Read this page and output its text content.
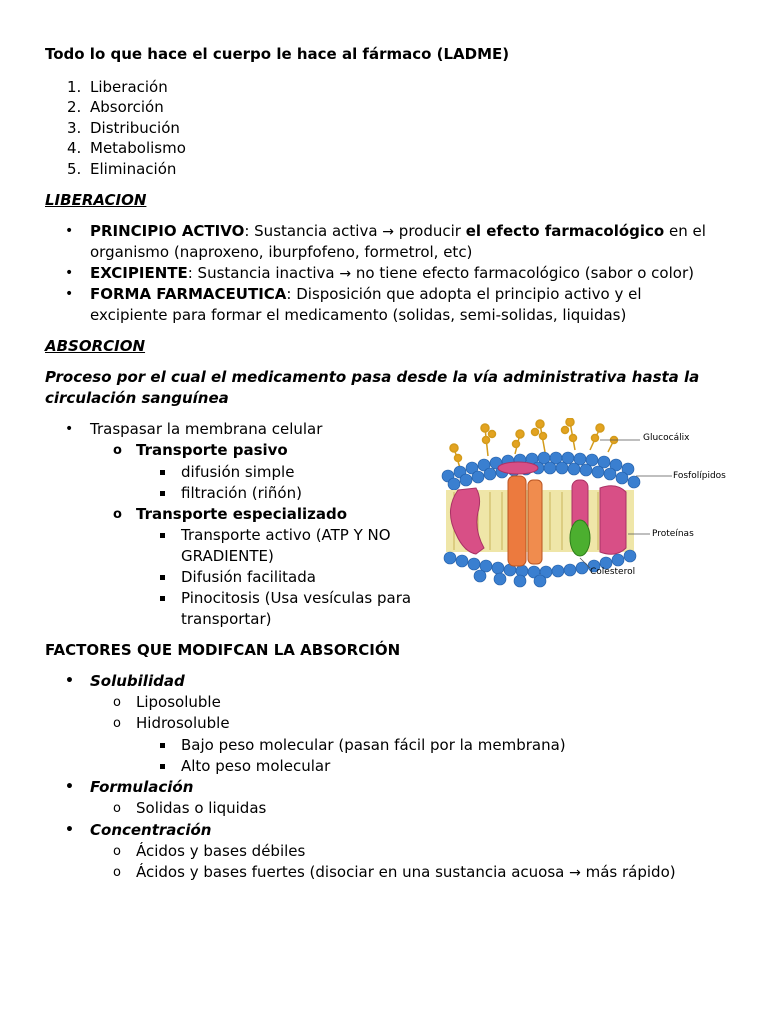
Todo lo que hace el cuerpo le hace al fármaco (LADME)
1. Liberación
2. Absorción
3. Distribución
4. Metabolismo
5. Eliminación
LIBERACION
• PRINCIPIO ACTIVO: Sustancia activa → producir el efecto farmacológico en el
organismo (naproxeno, iburpfofeno, formetrol, etc)
• EXCIPIENTE: Sustancia inactiva → no tiene efecto farmacológico (sabor o color)
• FORMA FARMACEUTICA: Disposición que adopta el principio activo y el
excipiente para formar el medicamento (solidas, semi-solidas, liquidas)
ABSORCION
Proceso por el cual el medicamento pasa desde la vía administrativa hasta la
circulación sanguínea
• Traspasar la membrana celular
o Transporte pasivo
difusión simple
filtración (riñón)
o Transporte especializado
Transporte activo (ATP Y NO
GRADIENTE)
Difusión facilitada
Pinocitosis (Usa vesículas para
transportar)
Glucocálix
Fosfolípidos
Proteínas
Colesterol
FACTORES QUE MODIFCAN LA ABSORCIÓN
• Solubilidad
o Liposoluble
o Hidrosoluble
Bajo peso molecular (pasan fácil por la membrana)
Alto peso molecular
• Formulación
o Solidas o liquidas
• Concentración
o Ácidos y bases débiles
o Ácidos y bases fuertes (disociar en una sustancia acuosa → más rápido)
